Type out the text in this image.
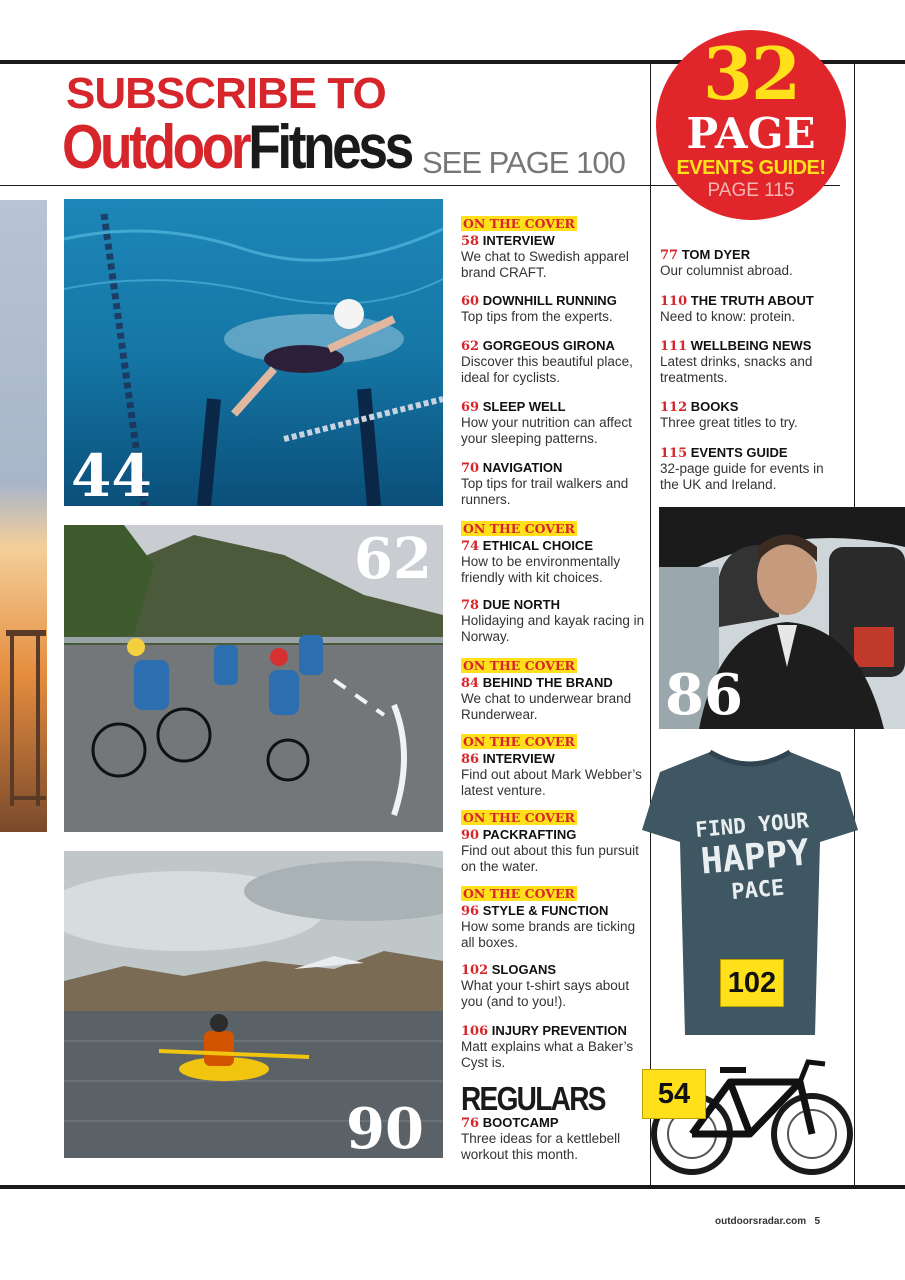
SUBSCRIBE TO
OutdoorFitness SEE PAGE 100
32
PAGE
EVENTS GUIDE!
PAGE 115
44
62
90
86
FIND YOUR
HAPPY
PACE
102
54
ON THE COVER
58 INTERVIEW
We chat to Swedish apparel brand CRAFT.
60 DOWNHILL RUNNING
Top tips from the experts.
62 GORGEOUS GIRONA
Discover this beautiful place, ideal for cyclists.
69 SLEEP WELL
How your nutrition can affect your sleeping patterns.
70 NAVIGATION
Top tips for trail walkers and runners.
ON THE COVER
74 ETHICAL CHOICE
How to be environmentally friendly with kit choices.
78 DUE NORTH
Holidaying and kayak racing in Norway.
ON THE COVER
84 BEHIND THE BRAND
We chat to underwear brand Runderwear.
ON THE COVER
86 INTERVIEW
Find out about Mark Webber’s latest venture.
ON THE COVER
90 PACKRAFTING
Find out about this fun pursuit on the water.
ON THE COVER
96 STYLE & FUNCTION
How some brands are ticking all boxes.
102 SLOGANS
What your t-shirt says about you (and to you!).
106 INJURY PREVENTION
Matt explains what a Baker’s Cyst is.
REGULARS
76 BOOTCAMP
Three ideas for a kettlebell workout this month.
77 TOM DYER
Our columnist abroad.
110 THE TRUTH ABOUT
Need to know: protein.
111 WELLBEING NEWS
Latest drinks, snacks and treatments.
112 BOOKS
Three great titles to try.
115 EVENTS GUIDE
32-page guide for events in the UK and Ireland.
outdoorsradar.com 5
